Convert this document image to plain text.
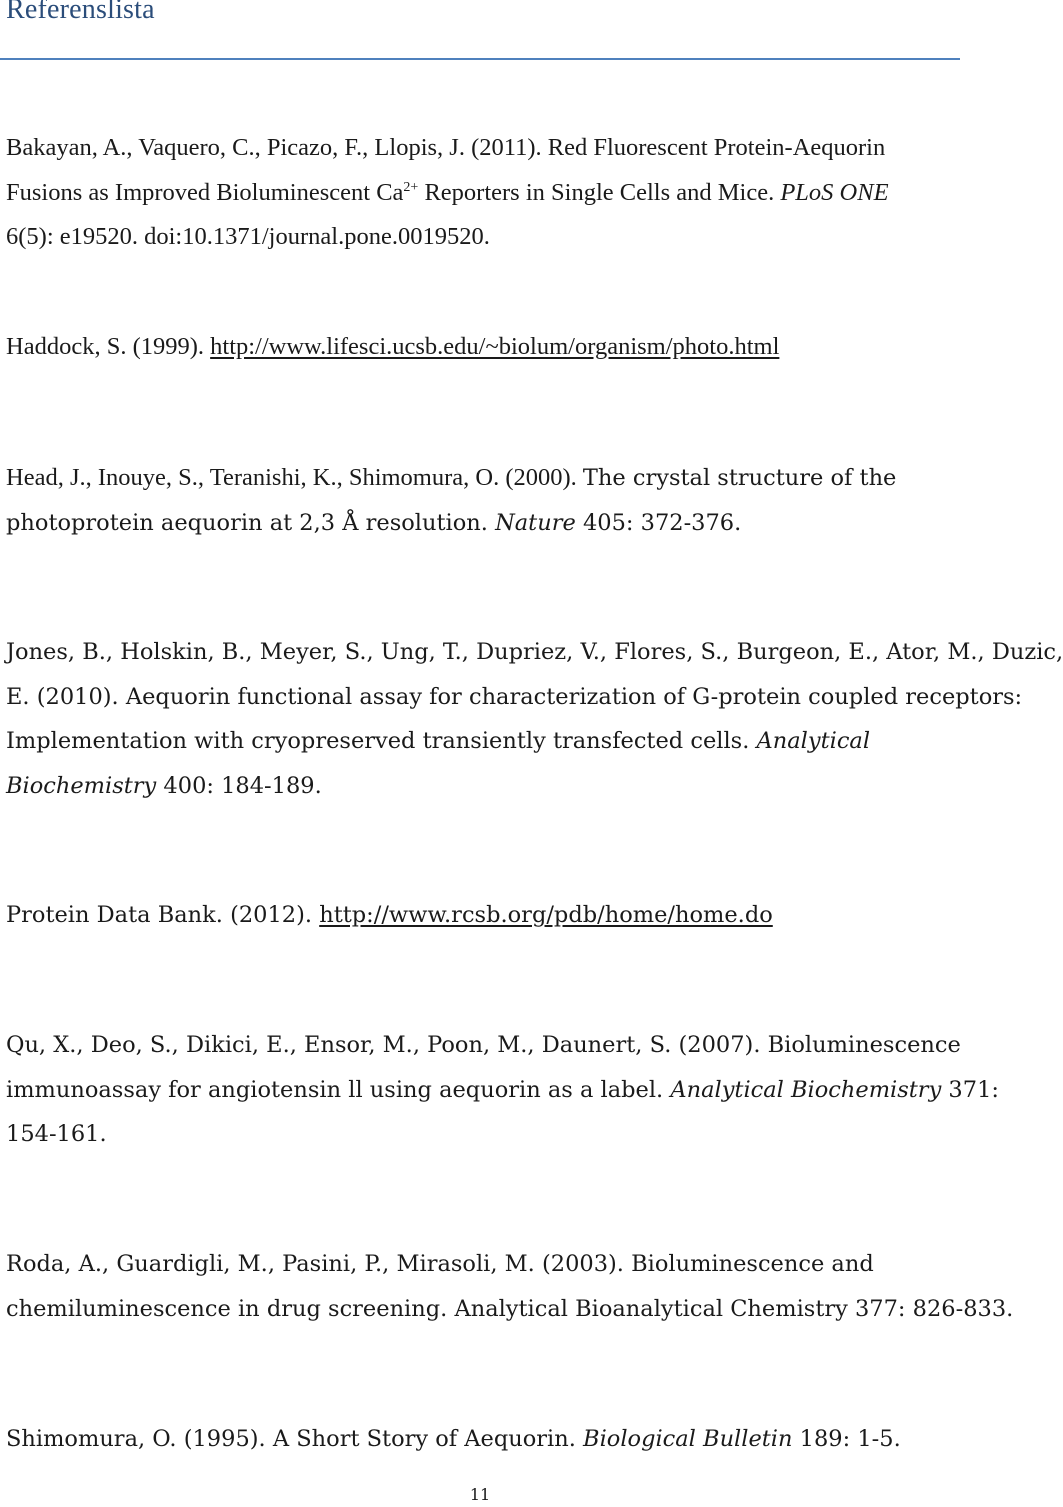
Referenslista
Bakayan, A., Vaquero, C., Picazo, F., Llopis, J. (2011). Red Fluorescent Protein-Aequorin
Fusions as Improved Bioluminescent $Ca^{2+}$ Reporters in Single Cells and Mice. PLoS ONE
6(5): e19520. doi:10.1371/journal.pone.0019520.
Haddock, S. (1999). http://www.lifesci.ucsb.edu/~biolum/organism/photo.html
Head, J., Inouye, S., Teranishi, K., Shimomura, O. (2000). The crystal structure of the
photoprotein aequorin at 2,3 Å resolution. Nature 405: 372-376.
Jones, B., Holskin, B., Meyer, S., Ung, T., Dupriez, V., Flores, S., Burgeon, E., Ator, M., Duzic,
E. (2010). Aequorin functional assay for characterization of G-protein coupled receptors:
Implementation with cryopreserved transiently transfected cells. Analytical
Biochemistry 400: 184-189.
Protein Data Bank. (2012). http://www.rcsb.org/pdb/home/home.do
Qu, X., Deo, S., Dikici, E., Ensor, M., Poon, M., Daunert, S. (2007). Bioluminescence
immunoassay for angiotensin ll using aequorin as a label. Analytical Biochemistry 371:
154-161.
Roda, A., Guardigli, M., Pasini, P., Mirasoli, M. (2003). Bioluminescence and
chemiluminescence in drug screening. Analytical Bioanalytical Chemistry 377: 826-833.
Shimomura, O. (1995). A Short Story of Aequorin. Biological Bulletin 189: 1-5.
11
